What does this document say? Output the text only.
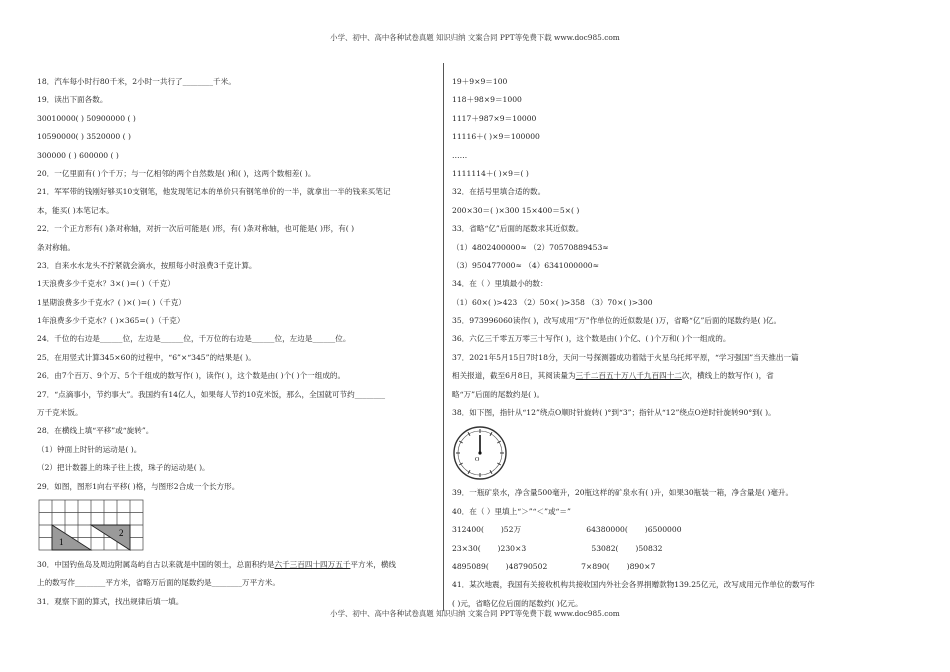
小学、初中、高中各种试卷真题 知识归纳 文案合同 PPT等免费下载 www.doc985.com
18．汽车每小时行80千米，2小时一共行了________千米。
19．读出下面各数。
30010000( ) 50900000 ( )
10590000( ) 3520000 ( )
300000 ( ) 600000 ( )
20．一亿里面有( )个千万；与一亿相邻的两个自然数是( )和( )，这两个数相差( )。
21．军军带的钱刚好够买10支钢笔，他发现笔记本的单价只有钢笔单价的一半，就拿出一半的钱来买笔记
本，能买( )本笔记本。
22．一个正方形有( )条对称轴，对折一次后可能是( )形，有( )条对称轴，也可能是( )形，有( )
条对称轴。
23．自来水水龙头不拧紧就会滴水，按照每小时浪费3千克计算。
1天浪费多少千克水？3×( )=( )（千克）
1星期浪费多少千克水？( )×( )=( )（千克）
1年浪费多少千克水？( )×365=( )（千克）
24．千位的右边是______位，左边是______位，千万位的右边是______位，左边是______位。
25．在用竖式计算345×60的过程中，“6”×“345”的结果是( )。
26．由7个百万、9个万、5个千组成的数写作( )，读作( )，这个数是由( )个( )个一组成的。
27．“点滴事小，节约事大”。我国约有14亿人，如果每人节约10克米饭，那么，全国就可节约________
万千克米饭。
28．在横线上填“平移”或“旋转”。
（1）钟面上时针的运动是( )。
（2）把计数器上的珠子往上拨，珠子的运动是( )。
29．如图，图形1向右平移( )格，与图形2合成一个长方形。
1
2
30．中国钓鱼岛及周边附属岛屿自古以来就是中国的领土，总面积约是六千三百四十四万五千平方米，横线
上的数写作________平方米，省略万后面的尾数约是________万平方米。
31．观察下面的算式，找出规律后填一填。
19＋9×9＝100
118＋98×9＝1000
1117＋987×9＝10000
11116＋( )×9＝100000
……
1111114＋( )×9＝( )
32．在括号里填合适的数。
200×30＝( )×300 15×400＝5×( )
33．省略“亿”后面的尾数求其近似数。
（1）4802400000≈ （2）70570889453≈
（3）950477000≈ （4）6341000000≈
34．在（ ）里填最小的数：
（1）60×( )>423 （2）50×( )>358 （3）70×( )>300
35．973996060读作( )，改写成用“万”作单位的近似数是( )万，省略“亿”后面的尾数约是( )亿。
36．六亿三千零五万零三十写作( )，这个数是由( )个亿、( )个万和( )个一组成的。
37．2021年5月15日7时18分，天问一号探测器成功着陆于火星乌托邦平原，“学习强国”当天推出一篇
相关报道，截至6月8日，其阅读量为三千二百五十万八千九百四十二次，横线上的数写作( )，省
略“万”后面的尾数约是( )。
38．如下图，指针从“12”绕点O顺时针旋转( )°到“3”；指针从“12”绕点O逆时针旋转90°到( )。
O
39．一瓶矿泉水，净含量500毫升，20瓶这样的矿泉水有( )升，如果30瓶装一箱，净含量是( )毫升。
40．在（ ）里填上“＞”“＜”或“＝”
312400(       )52万                           64380000(       )6500000
23×30(       )230×3                           53082(       )50832
4895089(       )48790502              7×890(       )890×7
41．某次地震，我国有关接收机构共接收国内外社会各界捐赠款物139.25亿元，改写成用元作单位的数写作
( )元，省略亿位后面的尾数约( )亿元。
小学、初中、高中各种试卷真题 知识归纳 文案合同 PPT等免费下载 www.doc985.com
